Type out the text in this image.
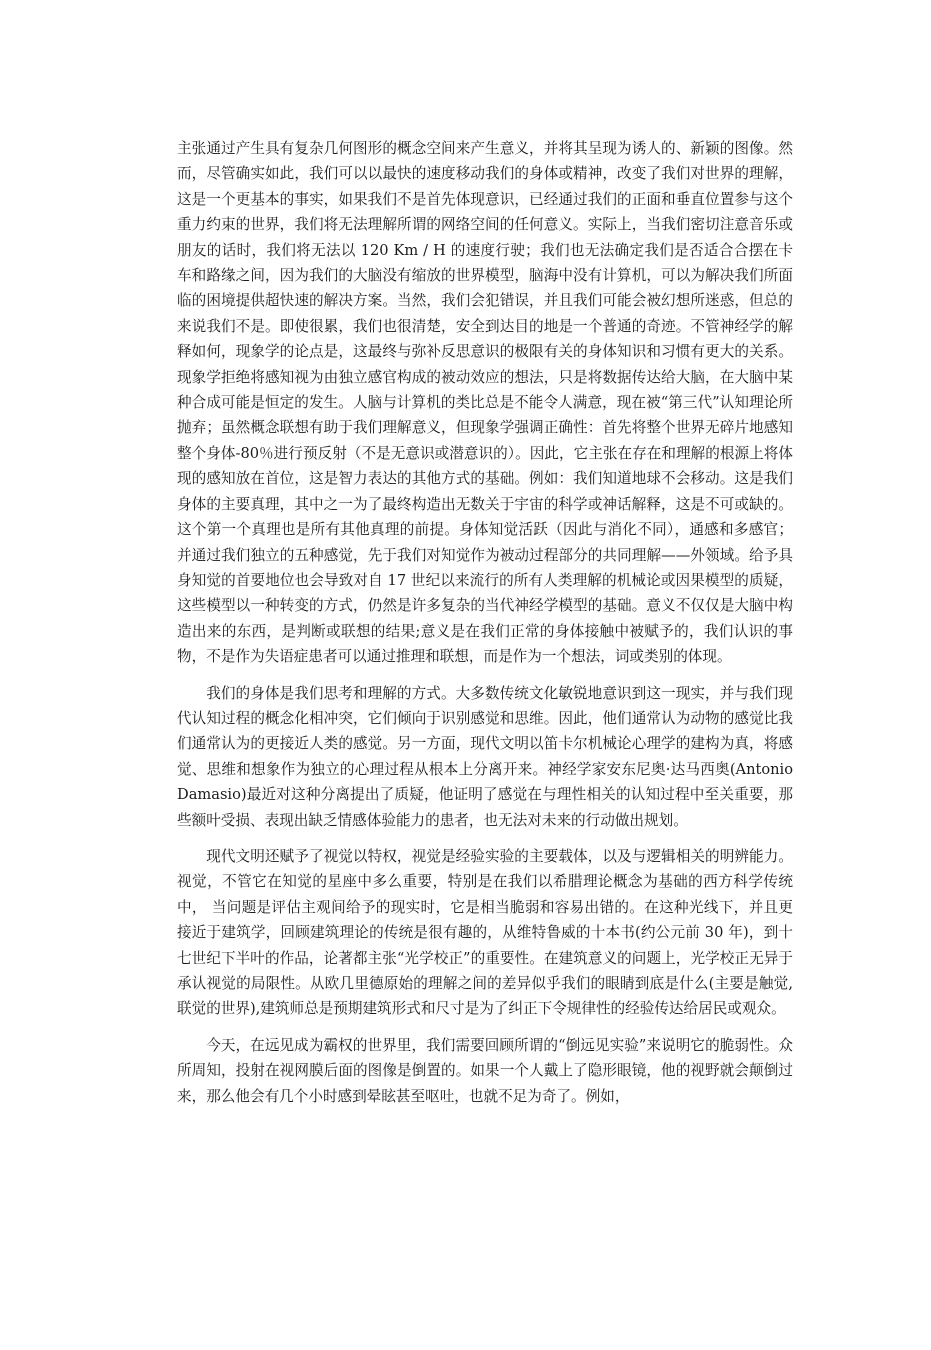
主张通过产生具有复杂几何图形的概念空间来产生意义，并将其呈现为诱人的、新颖的图像。然而，尽管确实如此，我们可以以最快的速度移动我们的身体或精神，改变了我们对世界的理解，这是一个更基本的事实，如果我们不是首先体现意识，已经通过我们的正面和垂直位置参与这个重力约束的世界，我们将无法理解所谓的网络空间的任何意义。实际上，当我们密切注意音乐或朋友的话时，我们将无法以 120 Km / H 的速度行驶；我们也无法确定我们是否适合合摆在卡车和路缘之间，因为我们的大脑没有缩放的世界模型，脑海中没有计算机，可以为解决我们所面临的困境提供超快速的解决方案。当然，我们会犯错误，并且我们可能会被幻想所迷惑，但总的来说我们不是。即使很累，我们也很清楚，安全到达目的地是一个普通的奇迹。不管神经学的解释如何，现象学的论点是，这最终与弥补反思意识的极限有关的身体知识和习惯有更大的关系。现象学拒绝将感知视为由独立感官构成的被动效应的想法，只是将数据传达给大脑，在大脑中某种合成可能是恒定的发生。人脑与计算机的类比总是不能令人满意，现在被“第三代”认知理论所抛弃；虽然概念联想有助于我们理解意义，但现象学强调正确性：首先将整个世界无碎片地感知整个身体-80％进行预反射（不是无意识或潜意识的）。因此，它主张在存在和理解的根源上将体现的感知放在首位，这是智力表达的其他方式的基础。例如：我们知道地球不会移动。这是我们身体的主要真理，其中之一为了最终构造出无数关于宇宙的科学或神话解释，这是不可或缺的。这个第一个真理也是所有其他真理的前提。身体知觉活跃（因此与消化不同），通感和多感官；并通过我们独立的五种感觉，先于我们对知觉作为被动过程部分的共同理解——外领域。给予具身知觉的首要地位也会导致对自 17 世纪以来流行的所有人类理解的机械论或因果模型的质疑，这些模型以一种转变的方式，仍然是许多复杂的当代神经学模型的基础。意义不仅仅是大脑中构造出来的东西，是判断或联想的结果;意义是在我们正常的身体接触中被赋予的，我们认识的事物，不是作为失语症患者可以通过推理和联想，而是作为一个想法，词或类别的体现。

我们的身体是我们思考和理解的方式。大多数传统文化敏锐地意识到这一现实，并与我们现代认知过程的概念化相冲突，它们倾向于识别感觉和思维。因此，他们通常认为动物的感觉比我们通常认为的更接近人类的感觉。另一方面，现代文明以笛卡尔机械论心理学的建构为真，将感觉、思维和想象作为独立的心理过程从根本上分离开来。神经学家安东尼奥·达马西奥(Antonio Damasio)最近对这种分离提出了质疑，他证明了感觉在与理性相关的认知过程中至关重要，那些额叶受损、表现出缺乏情感体验能力的患者，也无法对未来的行动做出规划。

现代文明还赋予了视觉以特权，视觉是经验实验的主要载体，以及与逻辑相关的明辨能力。视觉，不管它在知觉的星座中多么重要，特别是在我们以希腊理论概念为基础的西方科学传统中， 当问题是评估主观间给予的现实时，它是相当脆弱和容易出错的。在这种光线下，并且更接近于建筑学，回顾建筑理论的传统是很有趣的，从维特鲁威的十本书(约公元前 30 年)，到十七世纪下半叶的作品，论著都主张“光学校正”的重要性。在建筑意义的问题上，光学校正无异于承认视觉的局限性。从欧几里德原始的理解之间的差异似乎我们的眼睛到底是什么(主要是触觉,联觉的世界),建筑师总是预期建筑形式和尺寸是为了纠正下令规律性的经验传达给居民或观众。

今天，在远见成为霸权的世界里，我们需要回顾所谓的“倒远见实验”来说明它的脆弱性。众所周知，投射在视网膜后面的图像是倒置的。如果一个人戴上了隐形眼镜，他的视野就会颠倒过来，那么他会有几个小时感到晕眩甚至呕吐，也就不足为奇了。例如，
